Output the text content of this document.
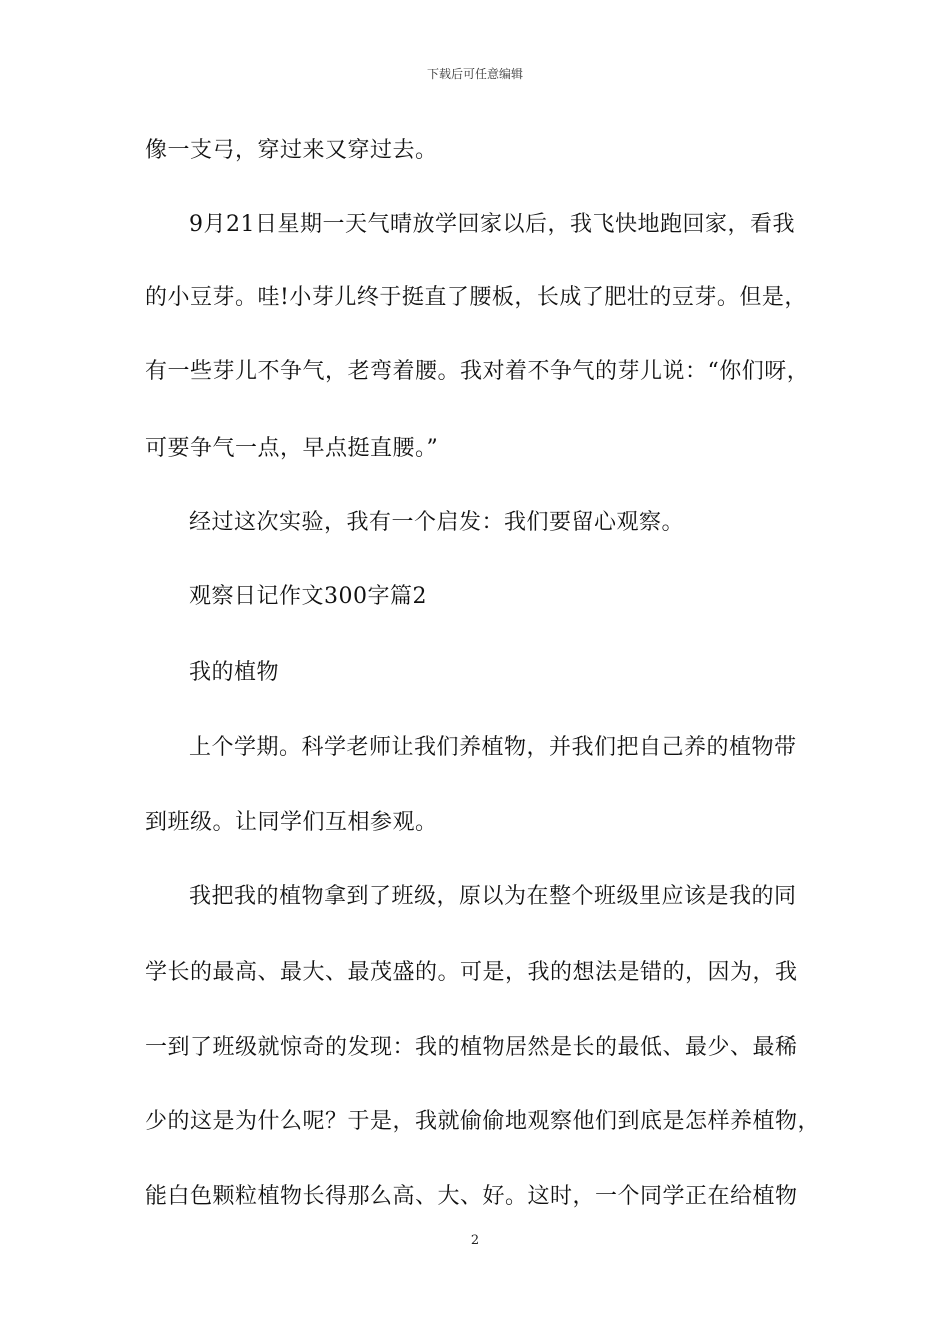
下载后可任意编辑
像一支弓，穿过来又穿过去。
9月21日星期一天气晴放学回家以后，我飞快地跑回家，看我
的小豆芽。哇!小芽儿终于挺直了腰板，长成了肥壮的豆芽。但是，
有一些芽儿不争气，老弯着腰。我对着不争气的芽儿说：“你们呀，
可要争气一点，早点挺直腰。”
经过这次实验，我有一个启发：我们要留心观察。
观察日记作文300字篇2
我的植物
上个学期。科学老师让我们养植物，并我们把自己养的植物带
到班级。让同学们互相参观。
我把我的植物拿到了班级，原以为在整个班级里应该是我的同
学长的最高、最大、最茂盛的。可是，我的想法是错的，因为，我
一到了班级就惊奇的发现：我的植物居然是长的最低、最少、最稀
少的这是为什么呢？于是，我就偷偷地观察他们到底是怎样养植物，
能白色颗粒植物长得那么高、大、好。这时，一个同学正在给植物
2
